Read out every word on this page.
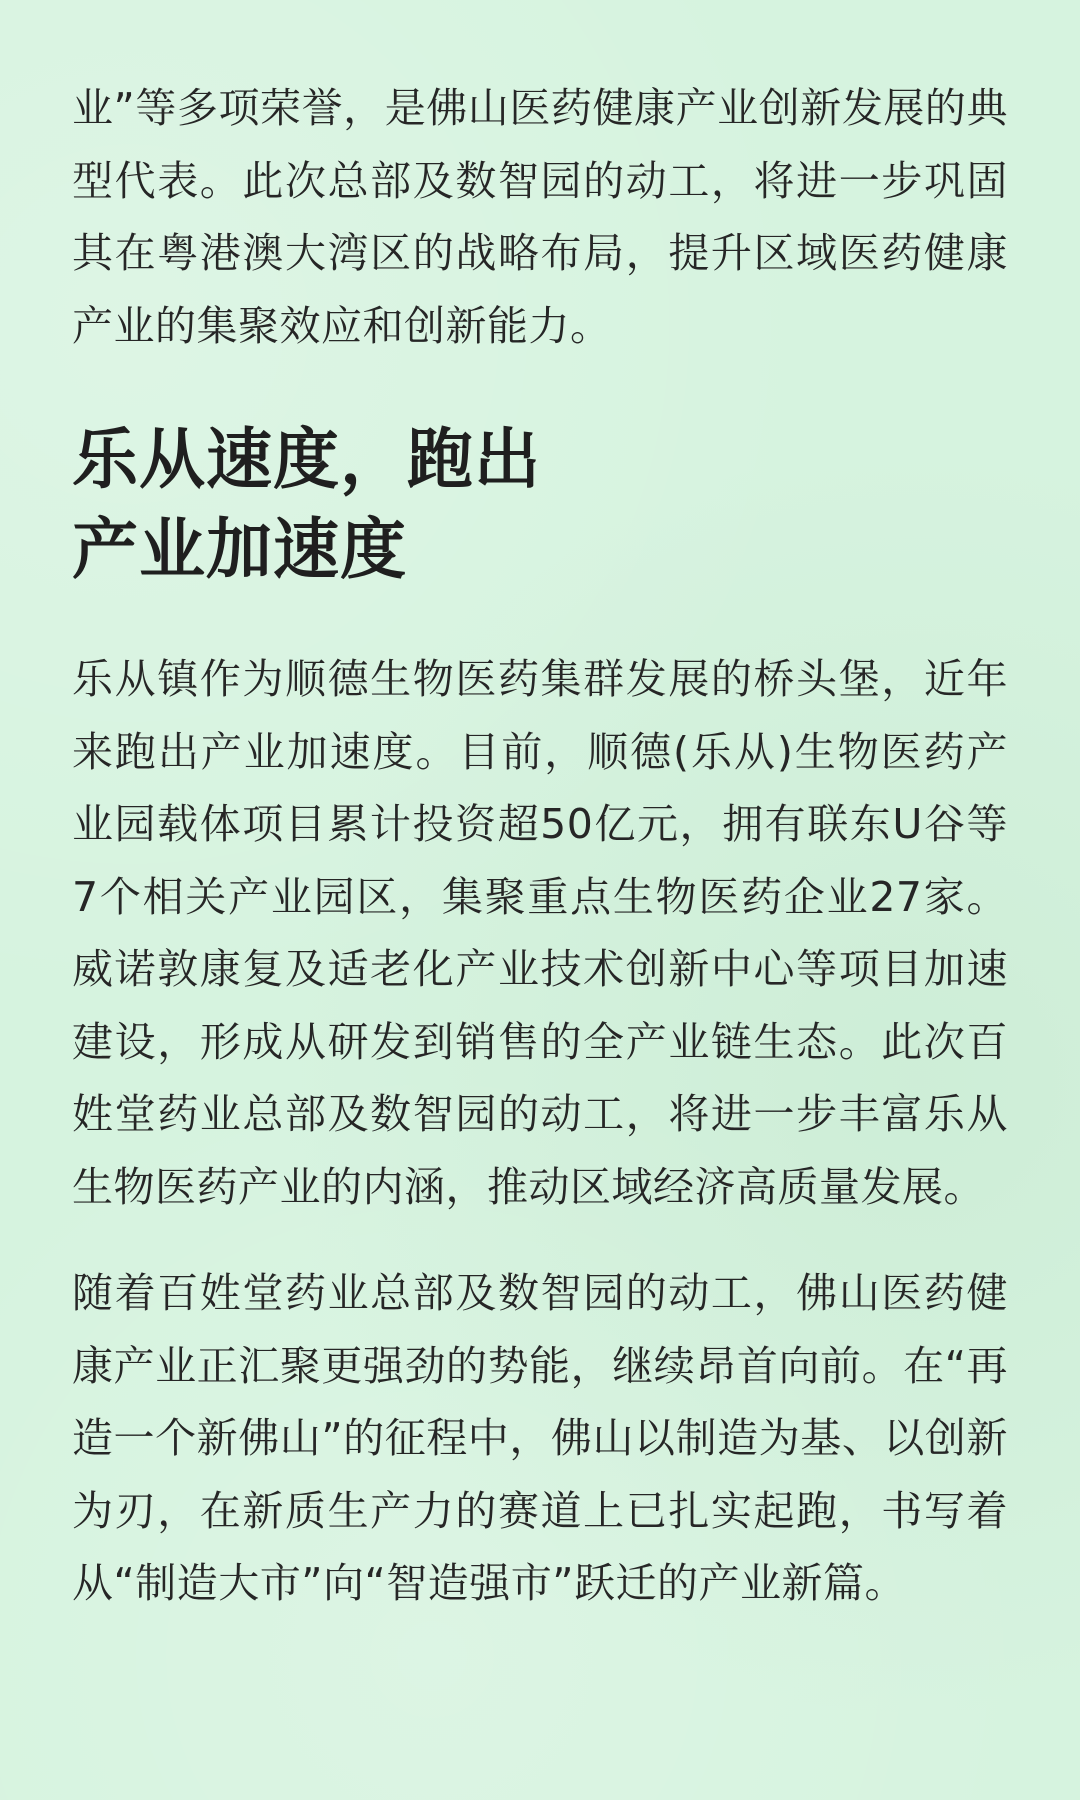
业”等多项荣誉，是佛山医药健康产业创新发展的典型代表。此次总部及数智园的动工，将进一步巩固其在粤港澳大湾区的战略布局，提升区域医药健康产业的集聚效应和创新能力。

乐从速度，跑出
产业加速度

乐从镇作为顺德生物医药集群发展的桥头堡，近年来跑出产业加速度。目前，顺德(乐从)生物医药产业园载体项目累计投资超50亿元，拥有联东U谷等7个相关产业园区，集聚重点生物医药企业27家。威诺敦康复及适老化产业技术创新中心等项目加速建设，形成从研发到销售的全产业链生态。此次百姓堂药业总部及数智园的动工，将进一步丰富乐从生物医药产业的内涵，推动区域经济高质量发展。

随着百姓堂药业总部及数智园的动工，佛山医药健康产业正汇聚更强劲的势能，继续昂首向前。在“再造一个新佛山”的征程中，佛山以制造为基、以创新为刃，在新质生产力的赛道上已扎实起跑，书写着从“制造大市”向“智造强市”跃迁的产业新篇。
